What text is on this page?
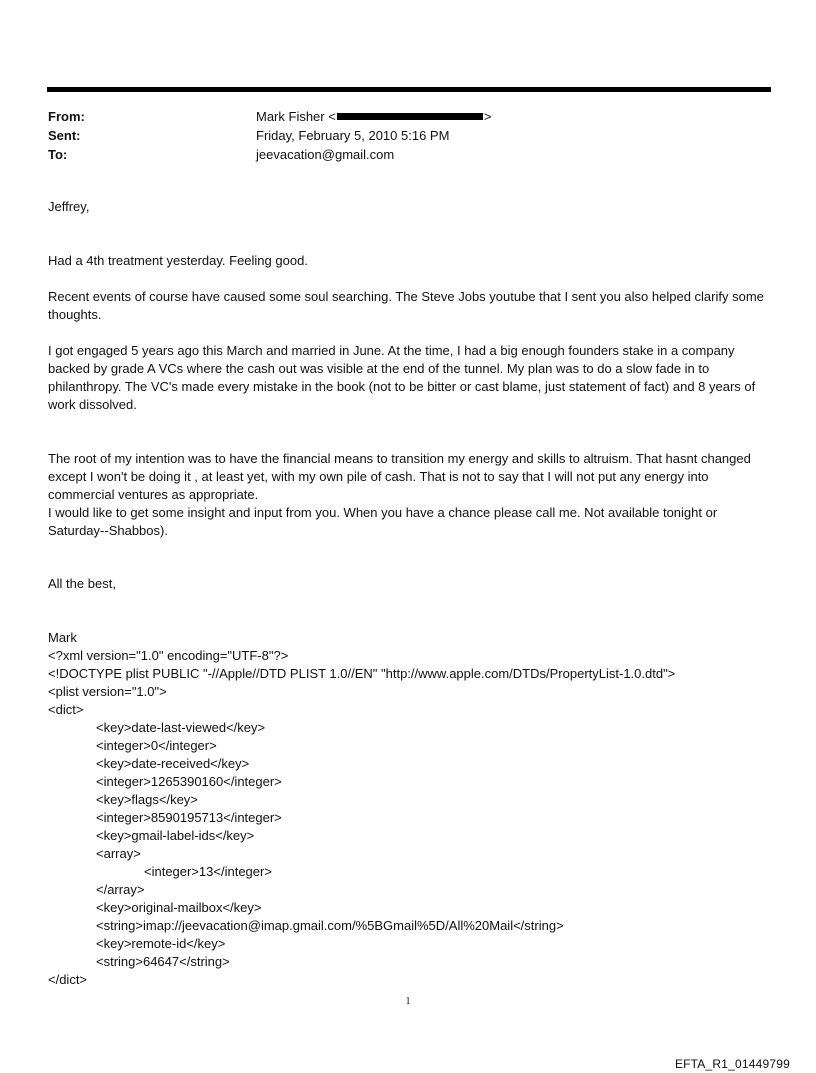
From:	Mark Fisher <	>
Sent:	Friday, February 5, 2010 5:16 PM
To:	jeevacation@gmail.com

Jeffrey,

Had a 4th treatment yesterday. Feeling good.

Recent events of course have caused some soul searching. The Steve Jobs youtube that I sent you also helped clarify some thoughts.

I got engaged 5 years ago this March and married in June. At the time, I had a big enough founders stake in a company backed by grade A VCs where the cash out was visible at the end of the tunnel. My plan was to do a slow fade in to philanthropy. The VC's made every mistake in the book (not to be bitter or cast blame, just statement of fact) and 8 years of work dissolved.

The root of my intention was to have the financial means to transition my energy and skills to altruism. That hasnt changed except I won't be doing it , at least yet, with my own pile of cash. That is not to say that I will not put any energy into commercial ventures as appropriate.

I would like to get some insight and input from you. When you have a chance please call me. Not available tonight or Saturday--Shabbos).

All the best,

Mark

<?xml version="1.0" encoding="UTF-8"?>
<!DOCTYPE plist PUBLIC "-//Apple//DTD PLIST 1.0//EN" "http://www.apple.com/DTDs/PropertyList-1.0.dtd">
<plist version="1.0">
<dict>
<key>date-last-viewed</key>
<integer>0</integer>
<key>date-received</key>
<integer>1265390160</integer>
<key>flags</key>
<integer>8590195713</integer>
<key>gmail-label-ids</key>
<array>
<integer>13</integer>
</array>
<key>original-mailbox</key>
<string>imap://jeevacation@imap.gmail.com/%5BGmail%5D/All%20Mail</string>
<key>remote-id</key>
<string>64647</string>
</dict>
1
EFTA_R1_01449799
